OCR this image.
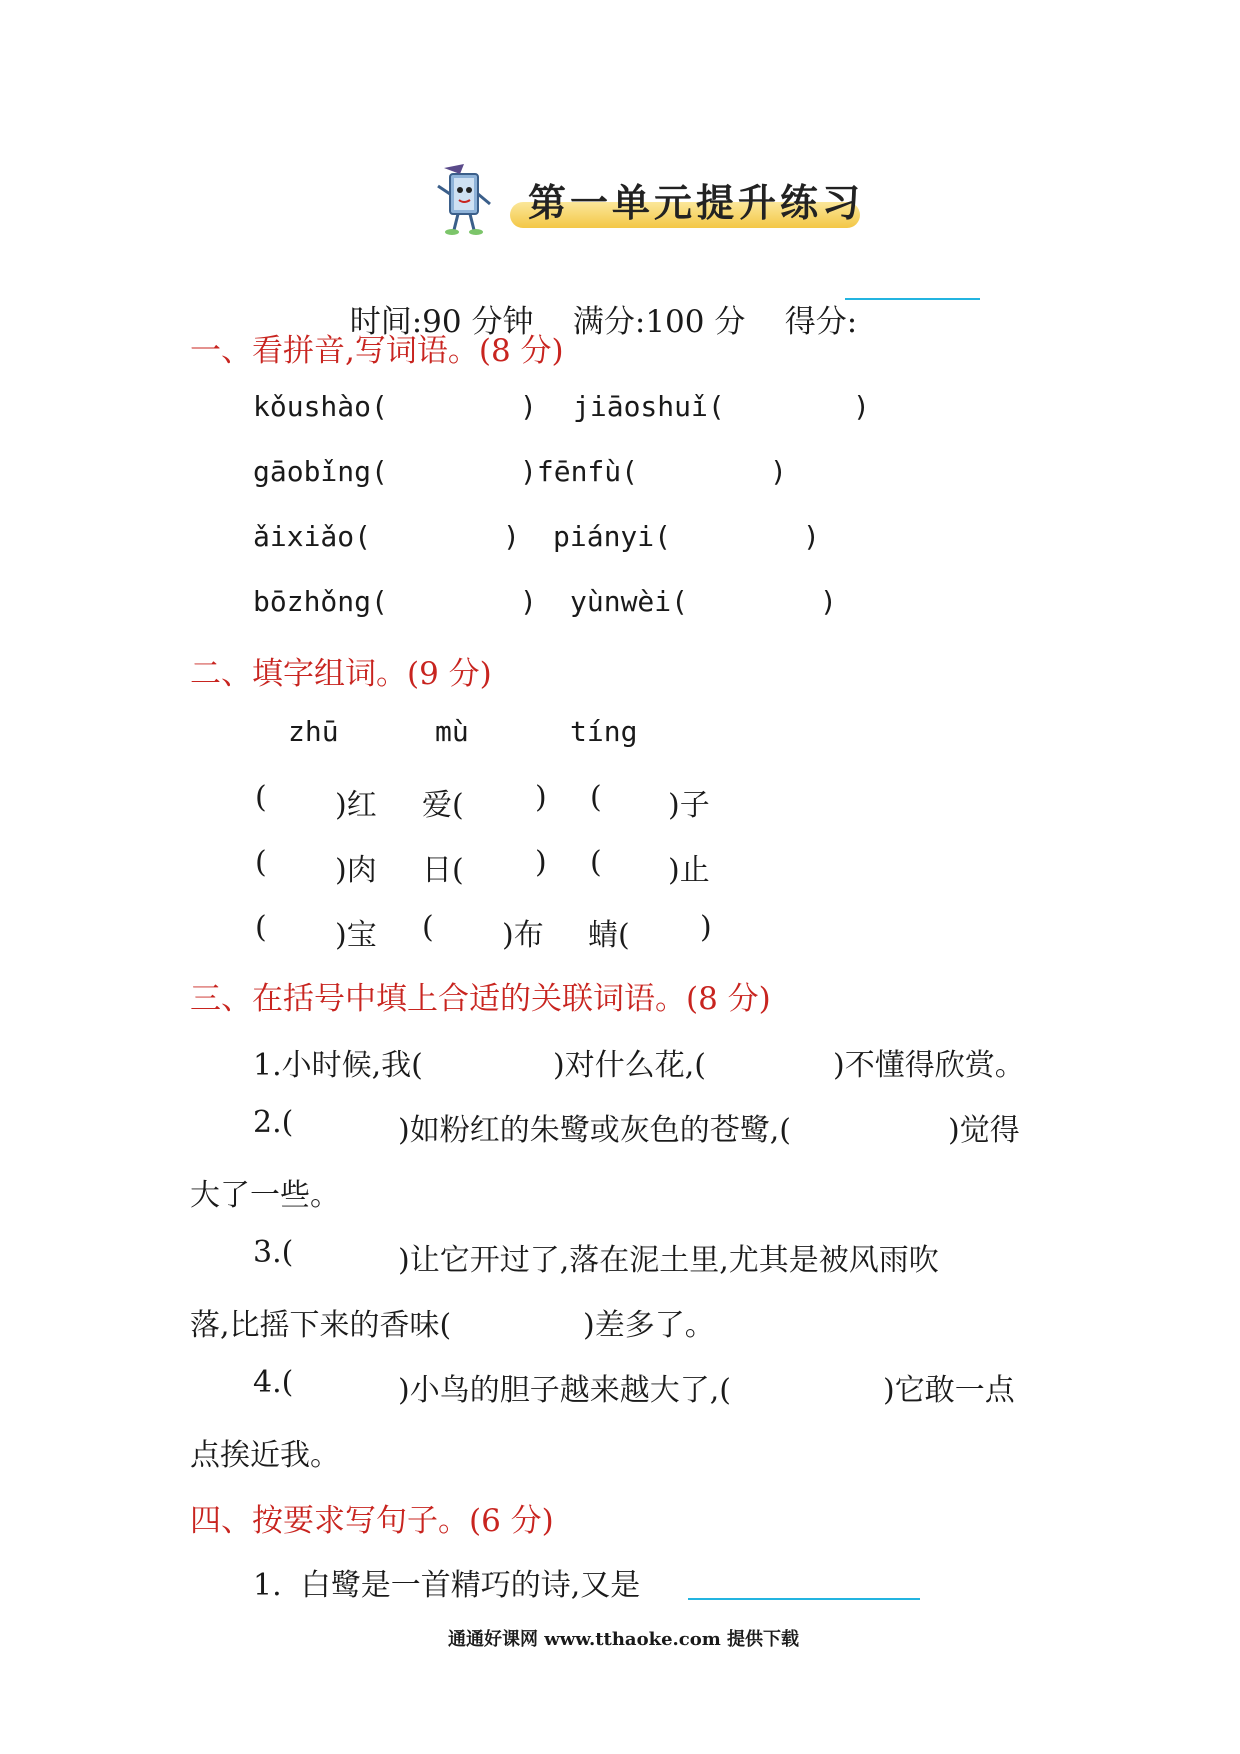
第一单元提升练习

时间:90 分钟 满分:100 分 得分:

一、看拼音,写词语。(8 分)
kǒushào(	) jiāoshuǐ(	)
gāobǐng(	)fēnfù(	)
ǎixiǎo(	) piányi(	)
bōzhǒng(	) yùnwèi(	)
二、填字组词。(9 分)
zhū	mù	tíng
( )红 爱( ) ( )子
( )肉 日( ) ( )止
( )宝 ( )布 蜻( )
三、在括号中填上合适的关联词语。(8 分)
1.小时候,我(	)对什么花,(	)不懂得欣赏。
2.(	)如粉红的朱鹭或灰色的苍鹭,(	)觉得
大了一些。
3.(	)让它开过了,落在泥土里,尤其是被风雨吹
落,比摇下来的香味(	)差多了。
4.(	)小鸟的胆子越来越大了,(	)它敢一点
点挨近我。
四、按要求写句子。(6 分)
1.  白鹭是一首精巧的诗,又是
通通好课网 www.tthaoke.com 提供下载
